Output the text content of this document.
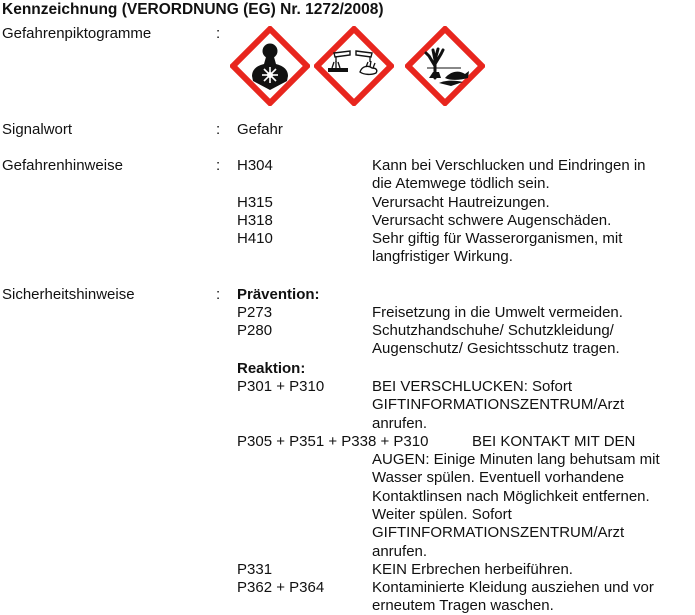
Kennzeichnung (VERORDNUNG (EG) Nr. 1272/2008)
Gefahrenpiktogramme	:
Signalwort	: Gefahr
Gefahrenhinweise	: H304	Kann bei Verschlucken und Eindringen in
die Atemwege tödlich sein.
H315	Verursacht Hautreizungen.
H318	Verursacht schwere Augenschäden.
H410	Sehr giftig für Wasserorganismen, mit
langfristiger Wirkung.
Sicherheitshinweise	: Prävention:
P273	Freisetzung in die Umwelt vermeiden.
P280	Schutzhandschuhe/ Schutzkleidung/
Augenschutz/ Gesichtsschutz tragen.
Reaktion:
P301 + P310	BEI VERSCHLUCKEN: Sofort
GIFTINFORMATIONSZENTRUM/Arzt
anrufen.
P305 + P351 + P338 + P310	BEI KONTAKT MIT DEN
AUGEN: Einige Minuten lang behutsam mit
Wasser spülen. Eventuell vorhandene
Kontaktlinsen nach Möglichkeit entfernen.
Weiter spülen. Sofort
GIFTINFORMATIONSZENTRUM/Arzt
anrufen.
P331	KEIN Erbrechen herbeiführen.
P362 + P364	Kontaminierte Kleidung ausziehen und vor
erneutem Tragen waschen.
